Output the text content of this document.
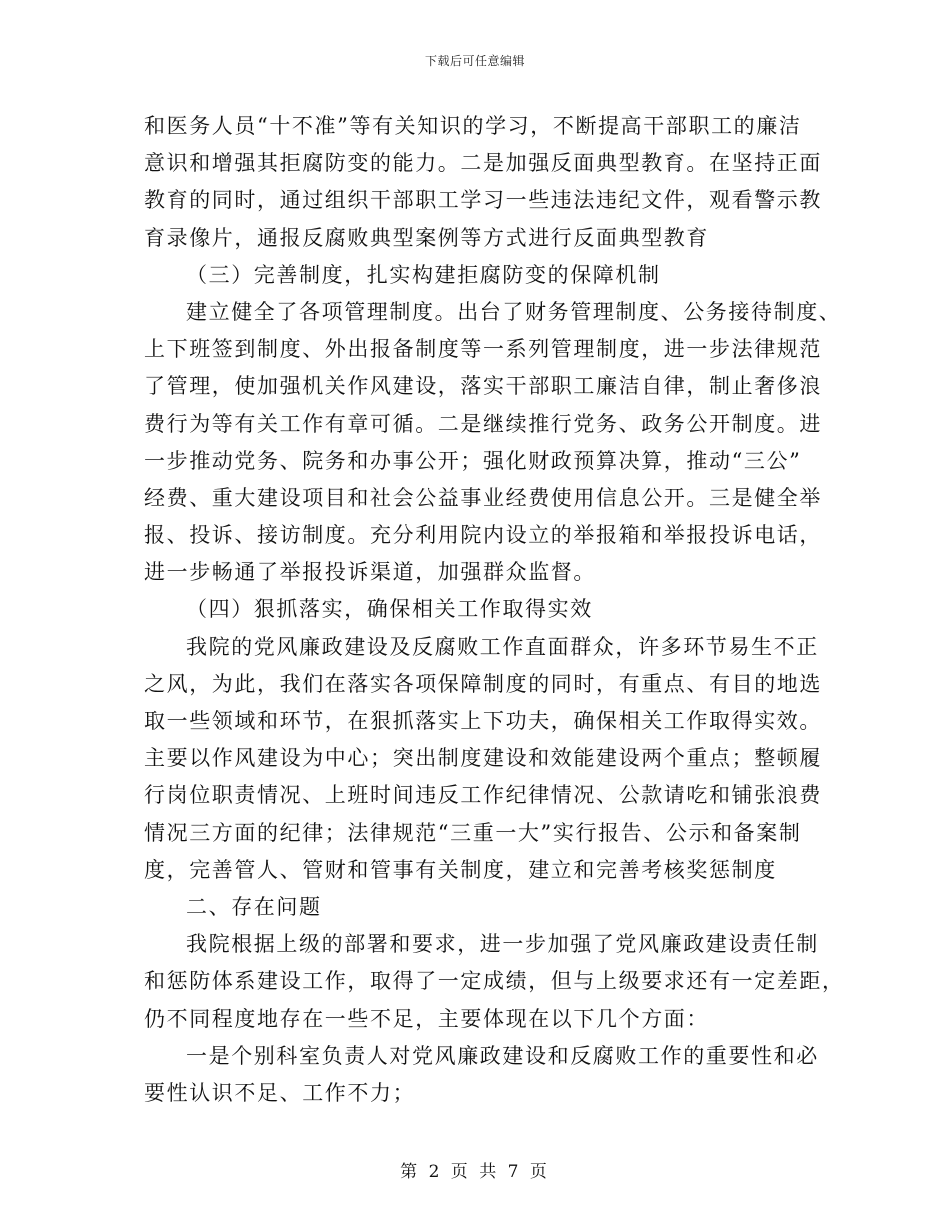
下载后可任意编辑
和医务人员“十不准”等有关知识的学习，不断提高干部职工的廉洁
意识和增强其拒腐防变的能力。二是加强反面典型教育。在坚持正面
教育的同时，通过组织干部职工学习一些违法违纪文件，观看警示教
育录像片，通报反腐败典型案例等方式进行反面典型教育
（三）完善制度，扎实构建拒腐防变的保障机制
建立健全了各项管理制度。出台了财务管理制度、公务接待制度、
上下班签到制度、外出报备制度等一系列管理制度，进一步法律规范
了管理，使加强机关作风建设，落实干部职工廉洁自律，制止奢侈浪
费行为等有关工作有章可循。二是继续推行党务、政务公开制度。进
一步推动党务、院务和办事公开；强化财政预算决算，推动“三公”
经费、重大建设项目和社会公益事业经费使用信息公开。三是健全举
报、投诉、接访制度。充分利用院内设立的举报箱和举报投诉电话，
进一步畅通了举报投诉渠道，加强群众监督。
（四）狠抓落实，确保相关工作取得实效
我院的党风廉政建设及反腐败工作直面群众，许多环节易生不正
之风，为此，我们在落实各项保障制度的同时，有重点、有目的地选
取一些领域和环节，在狠抓落实上下功夫，确保相关工作取得实效。
主要以作风建设为中心；突出制度建设和效能建设两个重点；整顿履
行岗位职责情况、上班时间违反工作纪律情况、公款请吃和铺张浪费
情况三方面的纪律；法律规范“三重一大”实行报告、公示和备案制
度，完善管人、管财和管事有关制度，建立和完善考核奖惩制度
二、存在问题
我院根据上级的部署和要求，进一步加强了党风廉政建设责任制
和惩防体系建设工作，取得了一定成绩，但与上级要求还有一定差距，
仍不同程度地存在一些不足，主要体现在以下几个方面：
一是个别科室负责人对党风廉政建设和反腐败工作的重要性和必
要性认识不足、工作不力；
第 2 页 共 7 页
